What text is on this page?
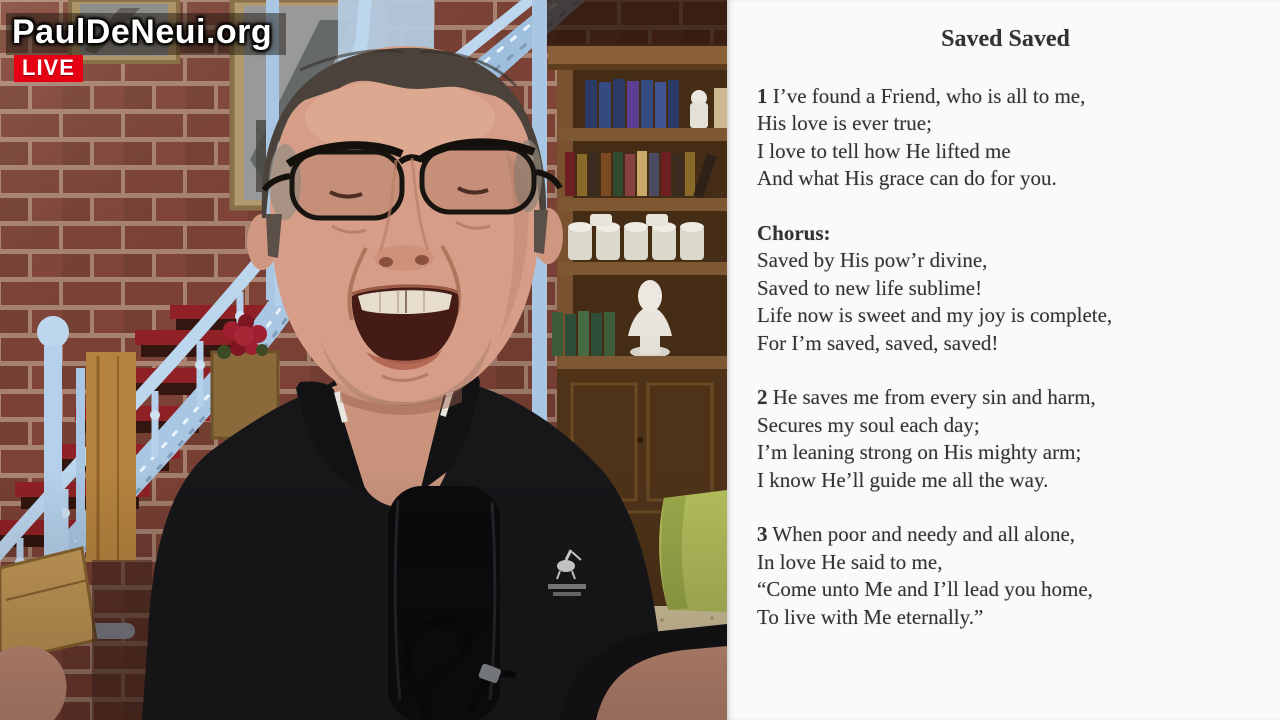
PaulDeNeui.org
LIVE
Saved Saved
1 I’ve found a Friend, who is all to me,
His love is ever true;
I love to tell how He lifted me
And what His grace can do for you.
Chorus:
Saved by His pow’r divine,
Saved to new life sublime!
Life now is sweet and my joy is complete,
For I’m saved, saved, saved!
2 He saves me from every sin and harm,
Secures my soul each day;
I’m leaning strong on His mighty arm;
I know He’ll guide me all the way.
3 When poor and needy and all alone,
In love He said to me,
“Come unto Me and I’ll lead you home,
To live with Me eternally.”
